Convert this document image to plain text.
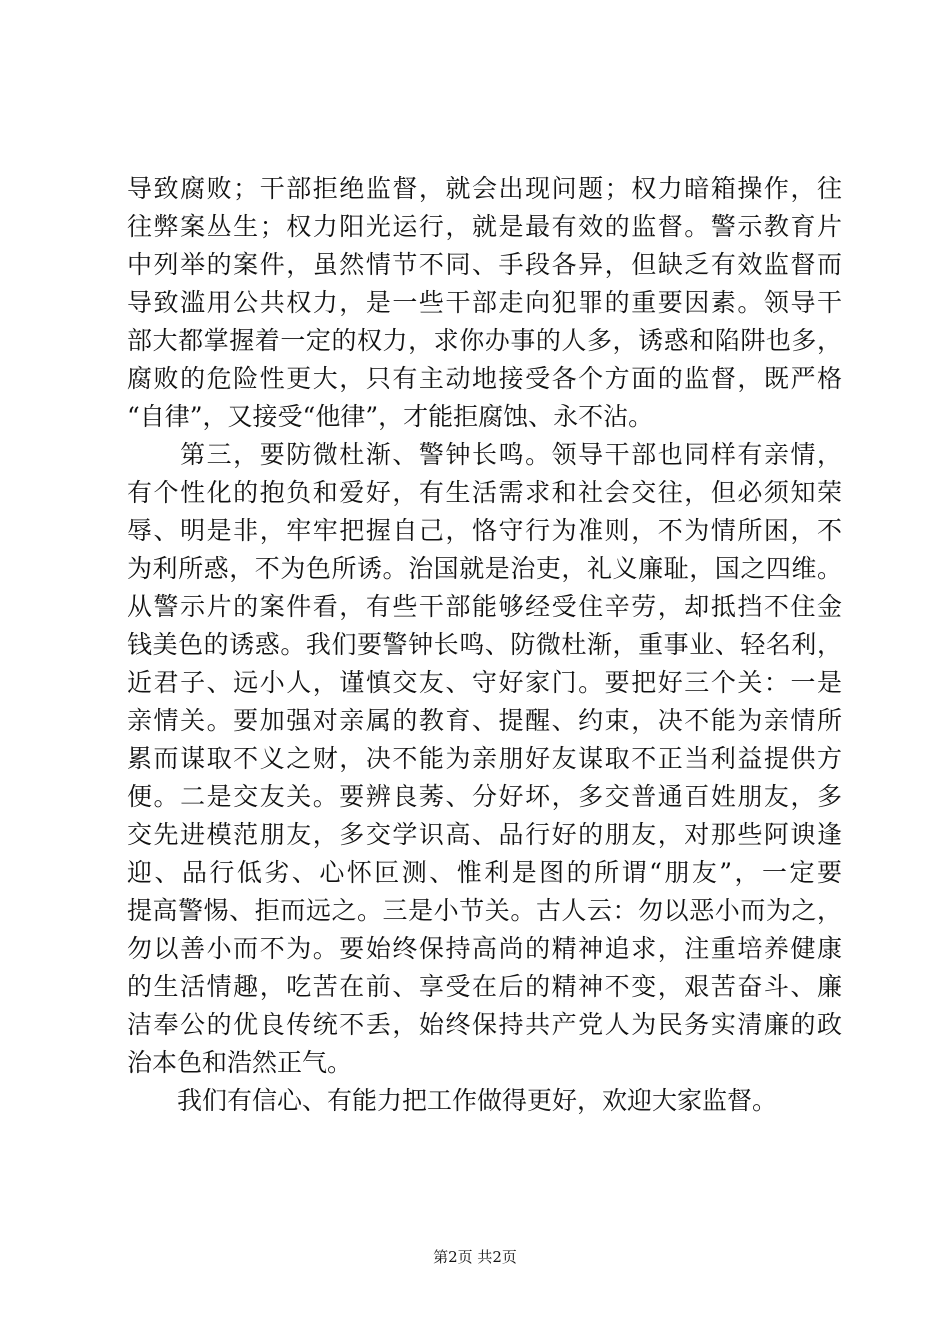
导致腐败；干部拒绝监督，就会出现问题；权力暗箱操作，往
往弊案丛生；权力阳光运行，就是最有效的监督。警示教育片
中列举的案件，虽然情节不同、手段各异，但缺乏有效监督而
导致滥用公共权力，是一些干部走向犯罪的重要因素。领导干
部大都掌握着一定的权力，求你办事的人多，诱惑和陷阱也多，
腐败的危险性更大，只有主动地接受各个方面的监督，既严格
“自律”，又接受“他律”，才能拒腐蚀、永不沾。
　　第三，要防微杜渐、警钟长鸣。领导干部也同样有亲情，
有个性化的抱负和爱好，有生活需求和社会交往，但必须知荣
辱、明是非，牢牢把握自己，恪守行为准则，不为情所困，不
为利所惑，不为色所诱。治国就是治吏，礼义廉耻，国之四维。
从警示片的案件看，有些干部能够经受住辛劳，却抵挡不住金
钱美色的诱惑。我们要警钟长鸣、防微杜渐，重事业、轻名利，
近君子、远小人，谨慎交友、守好家门。要把好三个关：一是
亲情关。要加强对亲属的教育、提醒、约束，决不能为亲情所
累而谋取不义之财，决不能为亲朋好友谋取不正当利益提供方
便。二是交友关。要辨良莠、分好坏，多交普通百姓朋友，多
交先进模范朋友，多交学识高、品行好的朋友，对那些阿谀逢
迎、品行低劣、心怀叵测、惟利是图的所谓“朋友”，一定要
提高警惕、拒而远之。三是小节关。古人云：勿以恶小而为之，
勿以善小而不为。要始终保持高尚的精神追求，注重培养健康
的生活情趣，吃苦在前、享受在后的精神不变，艰苦奋斗、廉
洁奉公的优良传统不丢，始终保持共产党人为民务实清廉的政
治本色和浩然正气。
　　我们有信心、有能力把工作做得更好，欢迎大家监督。
第2页 共2页
